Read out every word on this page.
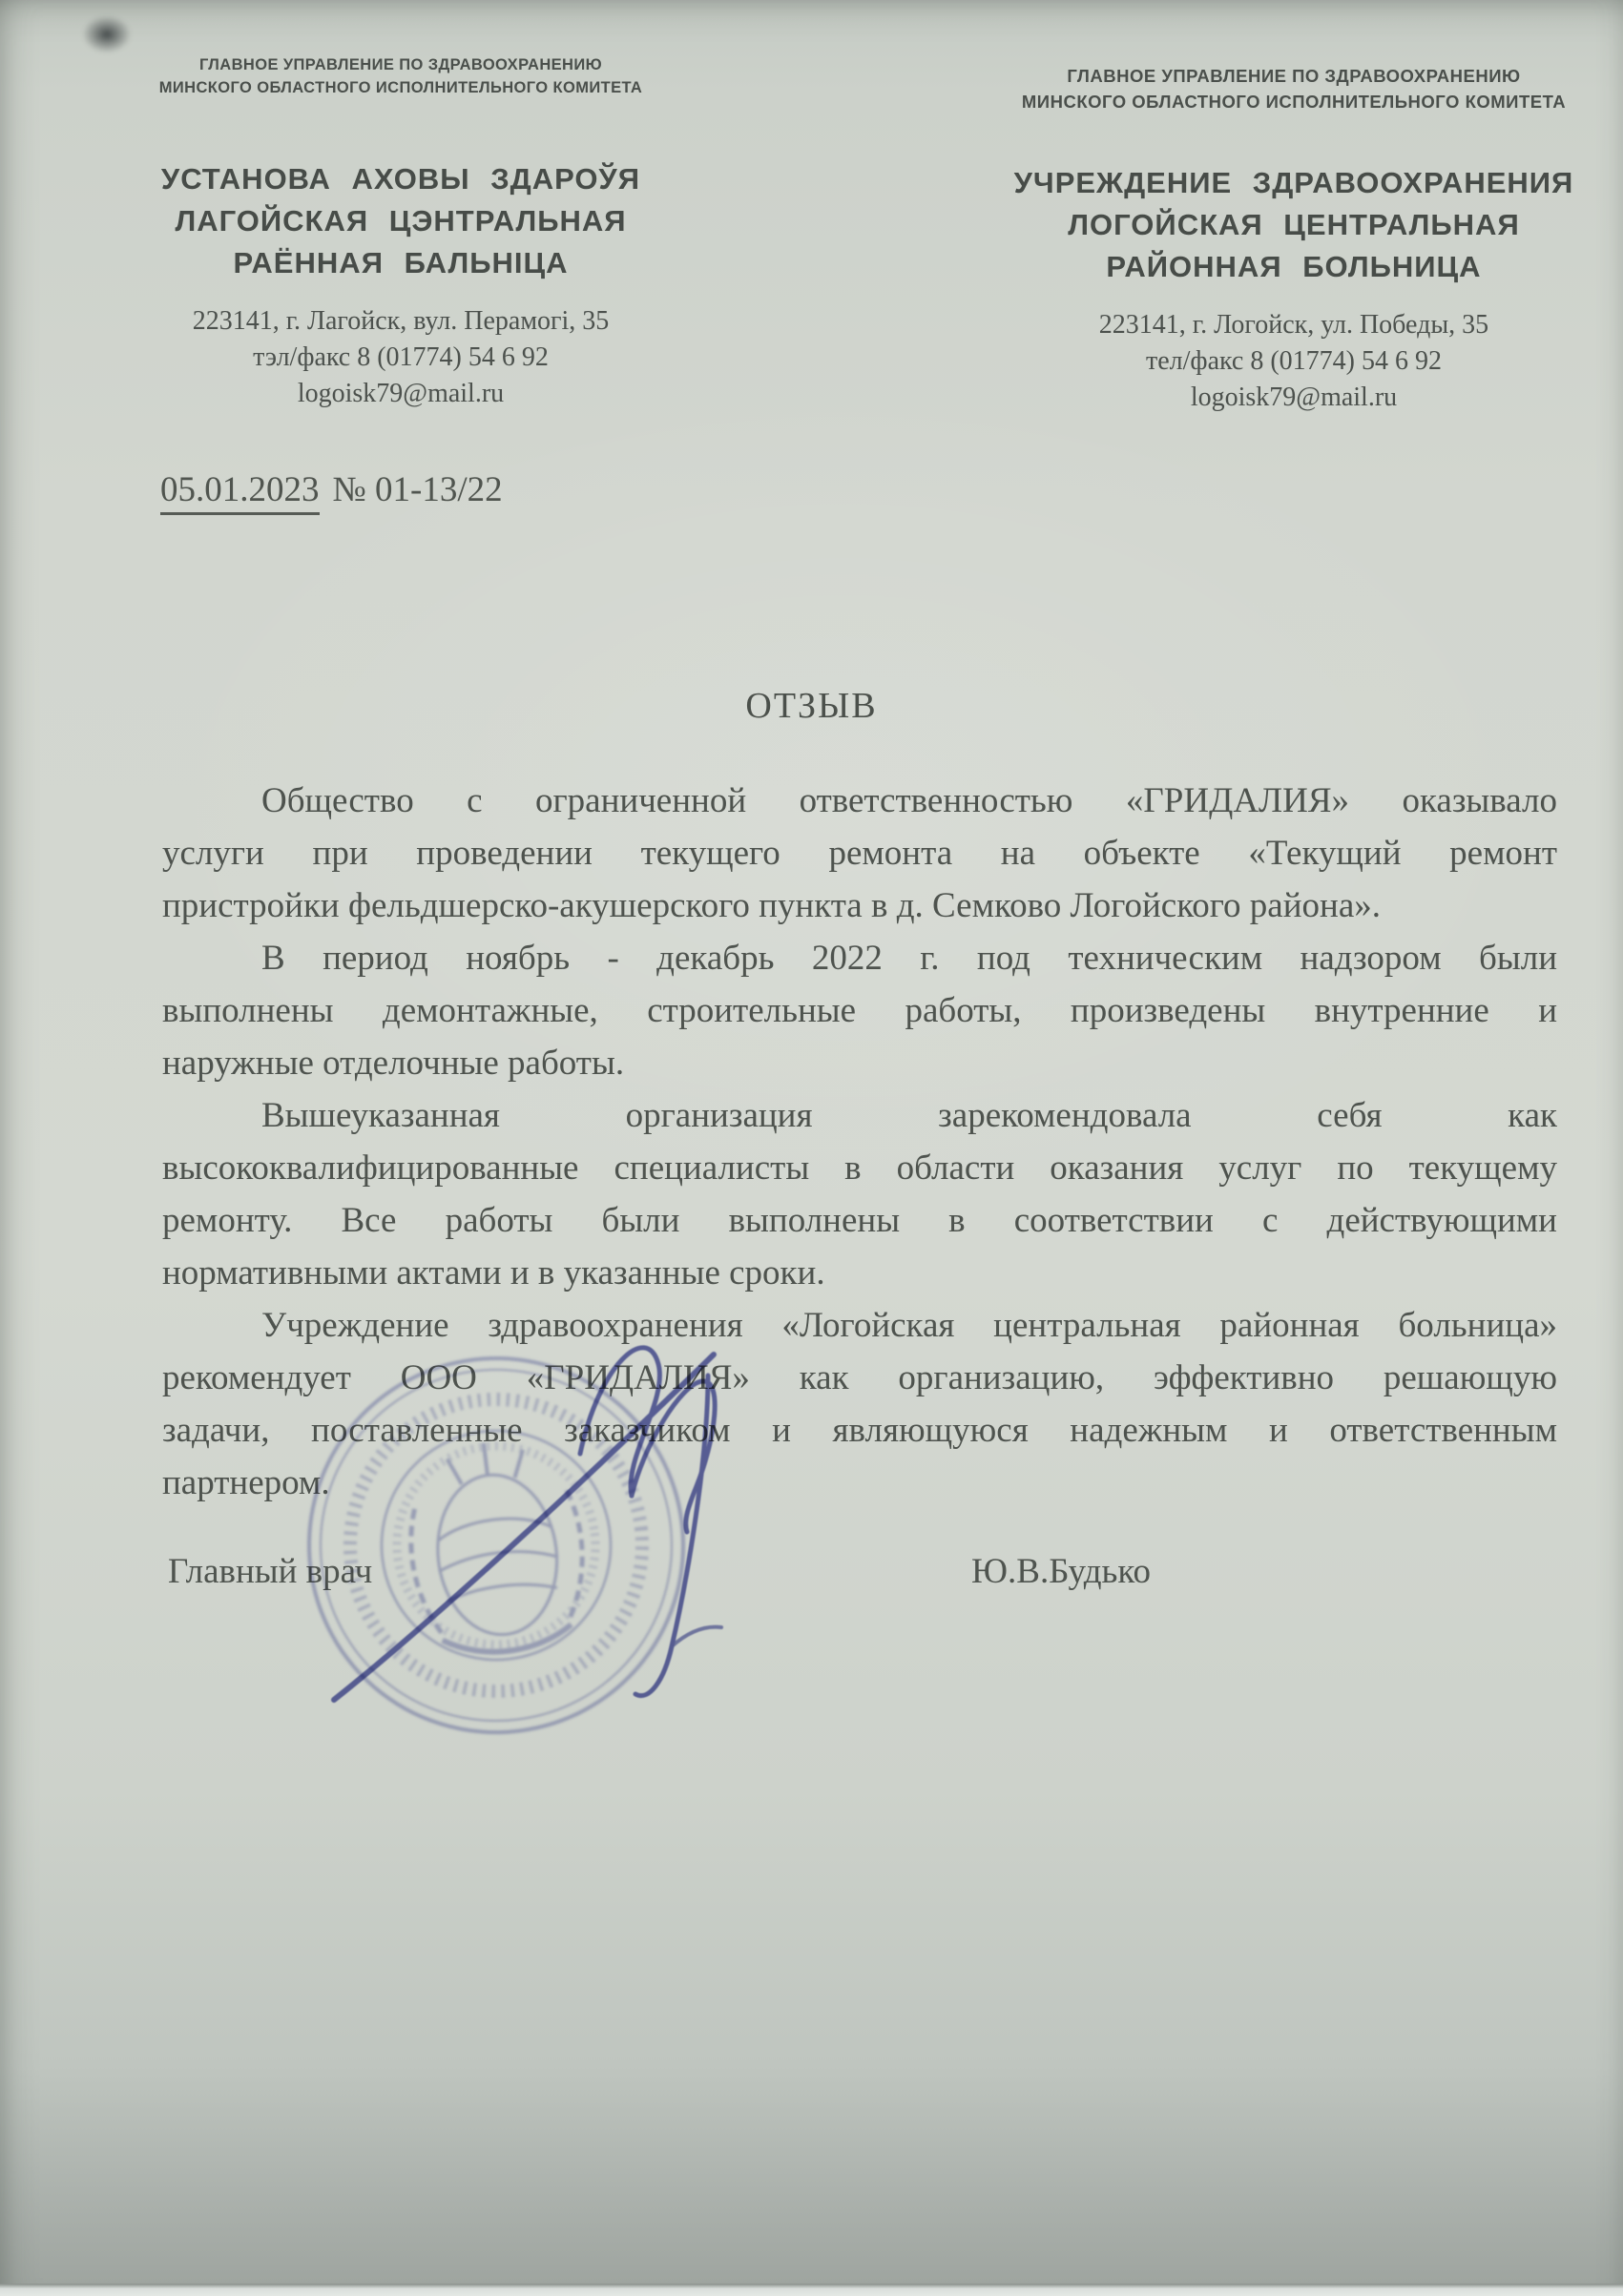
ГЛАВНОЕ УПРАВЛЕНИЕ ПО ЗДРАВООХРАНЕНИЮ
МИНСКОГО ОБЛАСТНОГО ИСПОЛНИТЕЛЬНОГО КОМИТЕТА
УСТАНОВА АХОВЫ ЗДАРОЎЯ
ЛАГОЙСКАЯ ЦЭНТРАЛЬНАЯ
РАЁННАЯ БАЛЬНІЦА
223141, г. Лагойск, вул. Перамогі, 35
тэл/факс 8 (01774) 54 6 92
logoisk79@mail.ru
ГЛАВНОЕ УПРАВЛЕНИЕ ПО ЗДРАВООХРАНЕНИЮ
МИНСКОГО ОБЛАСТНОГО ИСПОЛНИТЕЛЬНОГО КОМИТЕТА
УЧРЕЖДЕНИЕ ЗДРАВООХРАНЕНИЯ
ЛОГОЙСКАЯ ЦЕНТРАЛЬНАЯ
РАЙОННАЯ БОЛЬНИЦА
223141, г. Логойск, ул. Победы, 35
тел/факс 8 (01774) 54 6 92
logoisk79@mail.ru
05.01.2023 № 01-13/22
ОТЗЫВ
Общество с ограниченной ответственностью «ГРИДАЛИЯ» оказывало
услуги при проведении текущего ремонта на объекте «Текущий ремонт
пристройки фельдшерско-акушерского пункта в д. Семково Логойского района».
В период ноябрь - декабрь 2022 г. под техническим надзором были
выполнены демонтажные, строительные работы, произведены внутренние и
наружные отделочные работы.
Вышеуказанная организация зарекомендовала себя как
высококвалифицированные специалисты в области оказания услуг по текущему
ремонту. Все работы были выполнены в соответствии с действующими
нормативными актами и в указанные сроки.
Учреждение здравоохранения «Логойская центральная районная больница»
рекомендует ООО «ГРИДАЛИЯ» как организацию, эффективно решающую
задачи, поставленные заказчиком и являющуюся надежным и ответственным
партнером.
Главный врач	Ю.В.Будько
